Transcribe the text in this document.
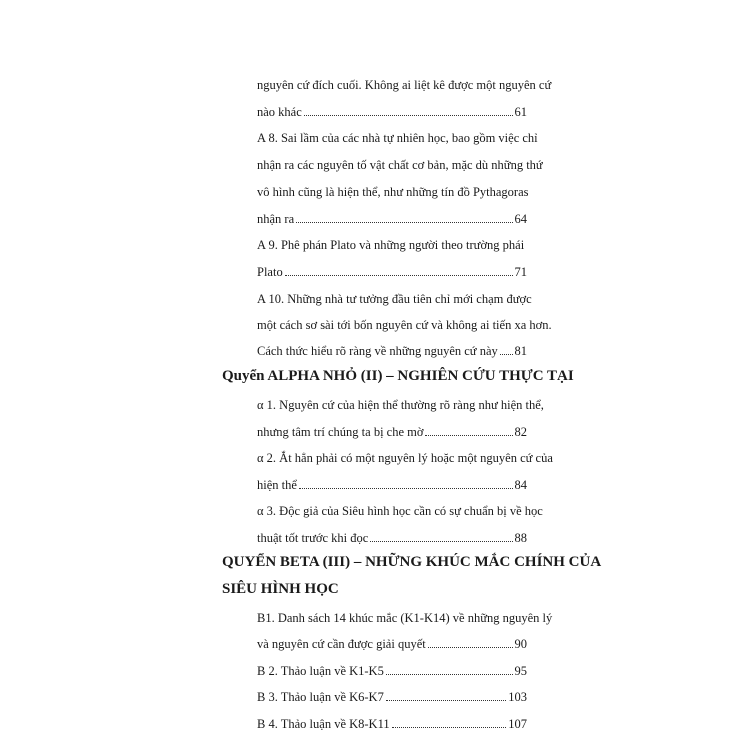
nguyên cứ đích cuối. Không ai liệt kê được một nguyên cứ
nào khác	61
A 8. Sai lầm của các nhà tự nhiên học, bao gồm việc chỉ
nhận ra các nguyên tố vật chất cơ bản, mặc dù những thứ
vô hình cũng là hiện thể, như những tín đồ Pythagoras
nhận ra	64
A 9. Phê phán Plato và những người theo trường phái
Plato	71
A 10. Những nhà tư tưởng đầu tiên chỉ mới chạm được
một cách sơ sài tới bốn nguyên cứ và không ai tiến xa hơn.
Cách thức hiểu rõ ràng về những nguyên cứ này 81
Quyển ALPHA NHỎ (II) – NGHIÊN CỨU THỰC TẠI
α 1. Nguyên cứ của hiện thể thường rõ ràng như hiện thể,
nhưng tâm trí chúng ta bị che mờ	82
α 2. Ắt hẳn phải có một nguyên lý hoặc một nguyên cứ của
hiện thể	84
α 3. Độc giả của Siêu hình học cần có sự chuẩn bị về học
thuật tốt trước khi đọc	88
QUYỂN BETA (III) – NHỮNG KHÚC MẮC CHÍNH CỦA
SIÊU HÌNH HỌC
B1. Danh sách 14 khúc mắc (K1-K14) về những nguyên lý
và nguyên cứ cần được giải quyết	90
B 2. Thảo luận về K1-K5	95
B 3. Thảo luận về K6-K7	103
B 4. Thảo luận về K8-K11	107
